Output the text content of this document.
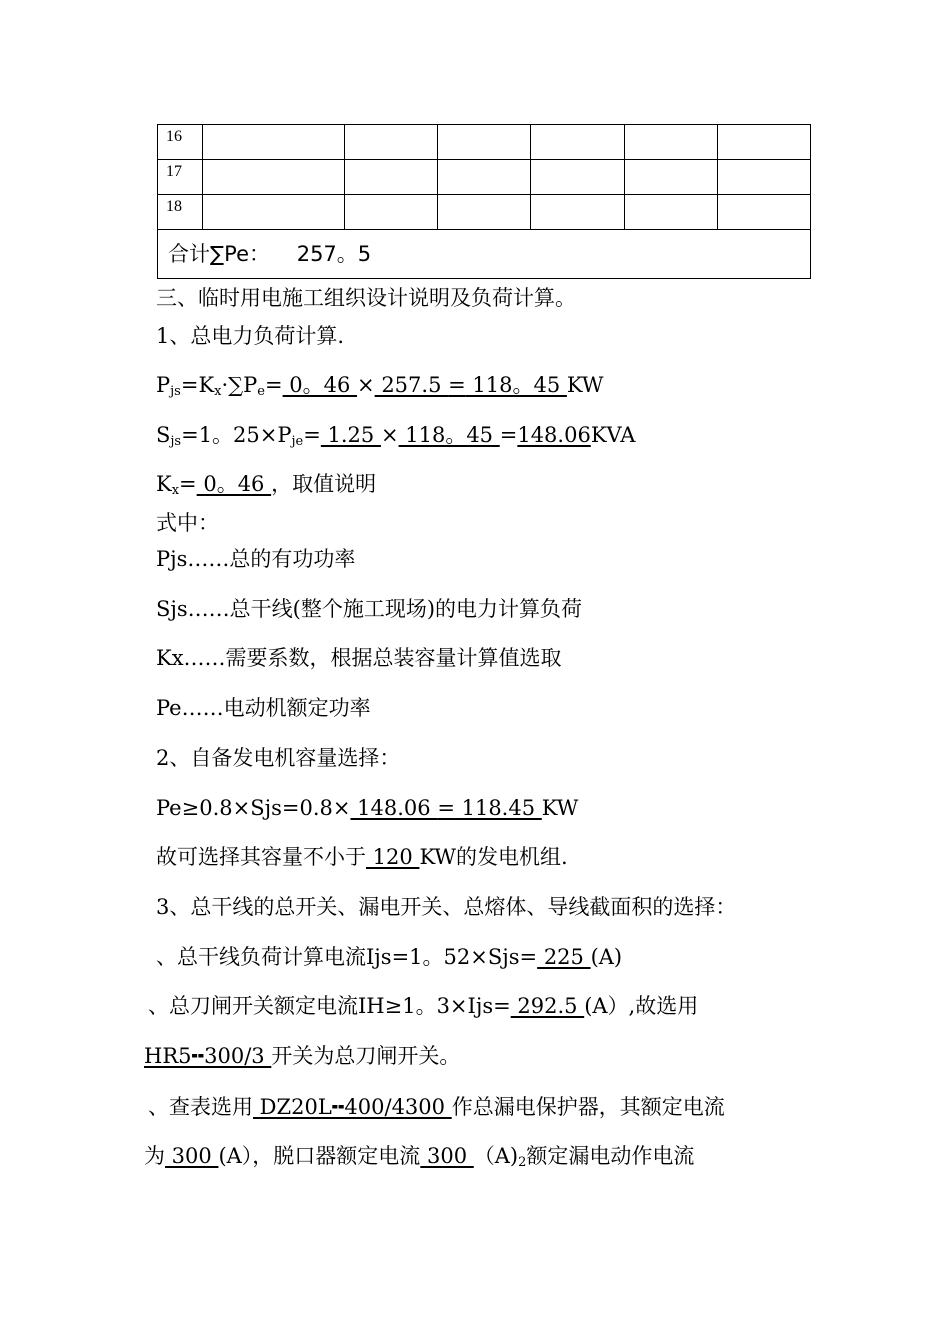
16						
17						
18						
合计∑Pe： 257。5						
三、临时用电施工组织设计说明及负荷计算。
1、总电力负荷计算.
$P_{js}=K_x\cdot\sum P_e= 0$。46 × 257.5 = 118。45 KW
$S_{js}=1$。$25\times P_{je}= 1.25 \times 118$。45 =148.06KVA
$K_x= 0$。46 ，取值说明
式中：
Pjs……总的有功功率
Sjs……总干线(整个施工现场)的电力计算负荷
Kx……需要系数，根据总装容量计算值选取
Pe……电动机额定功率
2、自备发电机容量选择：
Pe≥0.8×Sjs=0.8× 148.06 = 118.45 KW
故可选择其容量不小于 120 KW的发电机组.
3、总干线的总开关、漏电开关、总熔体、导线截面积的选择：
、总干线负荷计算电流Ijs=1。52×Sjs= 225 (A)
、总刀闸开关额定电流IH≥1。3×Ijs= 292.5 (A）,故选用
HR5╍300/3 开关为总刀闸开关。
、查表选用 DZ20L╍400/4300 作总漏电保护器，其额定电流
为 300 (A），脱口器额定电流 300 $(A)_2$额定漏电动作电流
